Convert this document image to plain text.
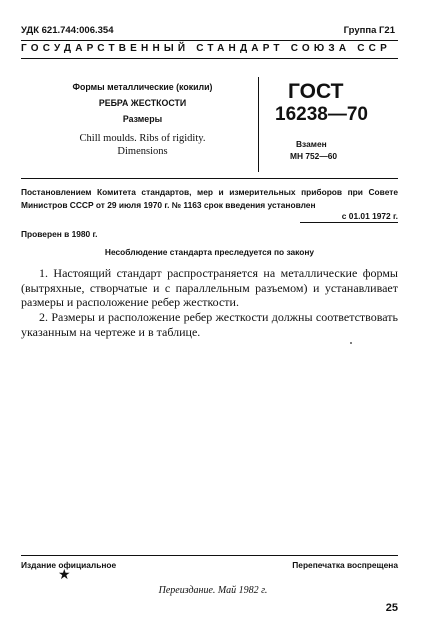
УДК 621.744:006.354	Группа Г21
ГОСУДАРСТВЕННЫЙ СТАНДАРТ СОЮЗА ССР

Формы металлические (кокили)

РЕБРА ЖЕСТКОСТИ

Размеры

Chill moulds. Ribs of rigidity.

Dimensions

ГОСТ
16238—70
Взамен
МН 752—60
Постановлением Комитета стандартов, мер и измерительных приборов при Совете Министров СССР от 29 июля 1970 г. № 1163 срок введения установлен
с 01.01 1972 г.
Проверен в 1980 г.
Несоблюдение стандарта преследуется по закону
1. Настоящий стандарт распространяется на металлические формы (вытряхные, створчатые и с параллельным разъемом) и устанавливает размеры и расположение ребер жесткости.
2. Размеры и расположение ребер жесткости должны соответствовать указанным на чертеже и в таблице.
Издание официальное	Перепечатка воспрещена
★
Переиздание. Май 1982 г.
25
